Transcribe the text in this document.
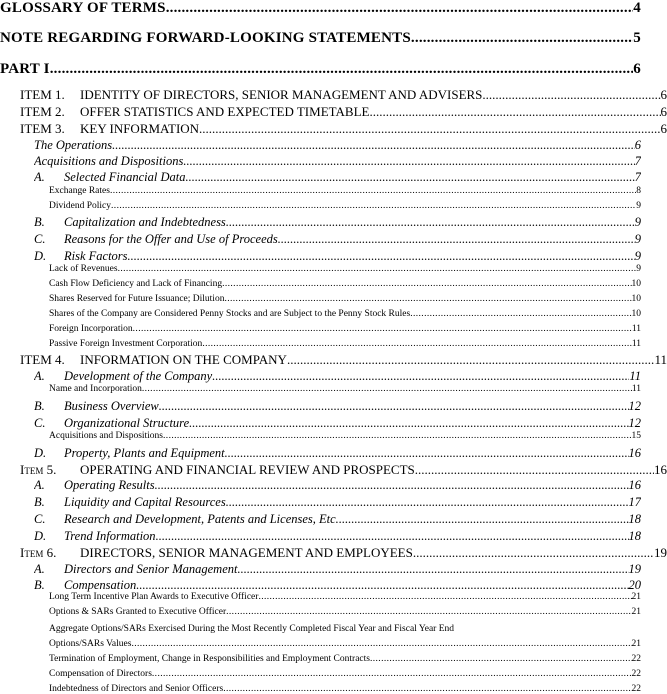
GLOSSARY OF TERMS .....	4
NOTE REGARDING FORWARD-LOOKING STATEMENTS .....	5
PART I .....	6
ITEM 1. IDENTITY OF DIRECTORS, SENIOR MANAGEMENT AND ADVISERS .....	6
ITEM 2. OFFER STATISTICS AND EXPECTED TIMETABLE .....	6
ITEM 3. KEY INFORMATION .....	6
The Operations .....	6
Acquisitions and Dispositions .....	7
A. Selected Financial Data .....	7
Exchange Rates .....	8
Dividend Policy .....	9
B. Capitalization and Indebtedness .....	9
C. Reasons for the Offer and Use of Proceeds .....	9
D. Risk Factors .....	9
Lack of Revenues .....	9
Cash Flow Deficiency and Lack of Financing .....	10
Shares Reserved for Future Issuance; Dilution .....	10
Shares of the Company are Considered Penny Stocks and are Subject to the Penny Stock Rules .....	10
Foreign Incorporation .....	11
Passive Foreign Investment Corporation .....	11
ITEM 4. INFORMATION ON THE COMPANY .....	11
A. Development of the Company .....	11
Name and Incorporation .....	11
B. Business Overview .....	12
C. Organizational Structure .....	12
Acquisitions and Dispositions .....	15
D. Property, Plants and Equipment .....	16
Item 5. OPERATING AND FINANCIAL REVIEW AND PROSPECTS .....	16
A. Operating Results .....	16
B. Liquidity and Capital Resources .....	17
C. Research and Development, Patents and Licenses, Etc. .....	18
D. Trend Information .....	18
Item 6. DIRECTORS, SENIOR MANAGEMENT AND EMPLOYEES .....	19
A. Directors and Senior Management .....	19
B. Compensation .....	20
Long Term Incentive Plan Awards to Executive Officer .....	21
Options & SARs Granted to Executive Officer .....	21
Aggregate Options/SARs Exercised During the Most Recently Completed Fiscal Year and Fiscal Year End
Options/SARs Values .....	21
Termination of Employment, Change in Responsibilities and Employment Contracts .....	22
Compensation of Directors .....	22
Indebtedness of Directors and Senior Officers .....	22
